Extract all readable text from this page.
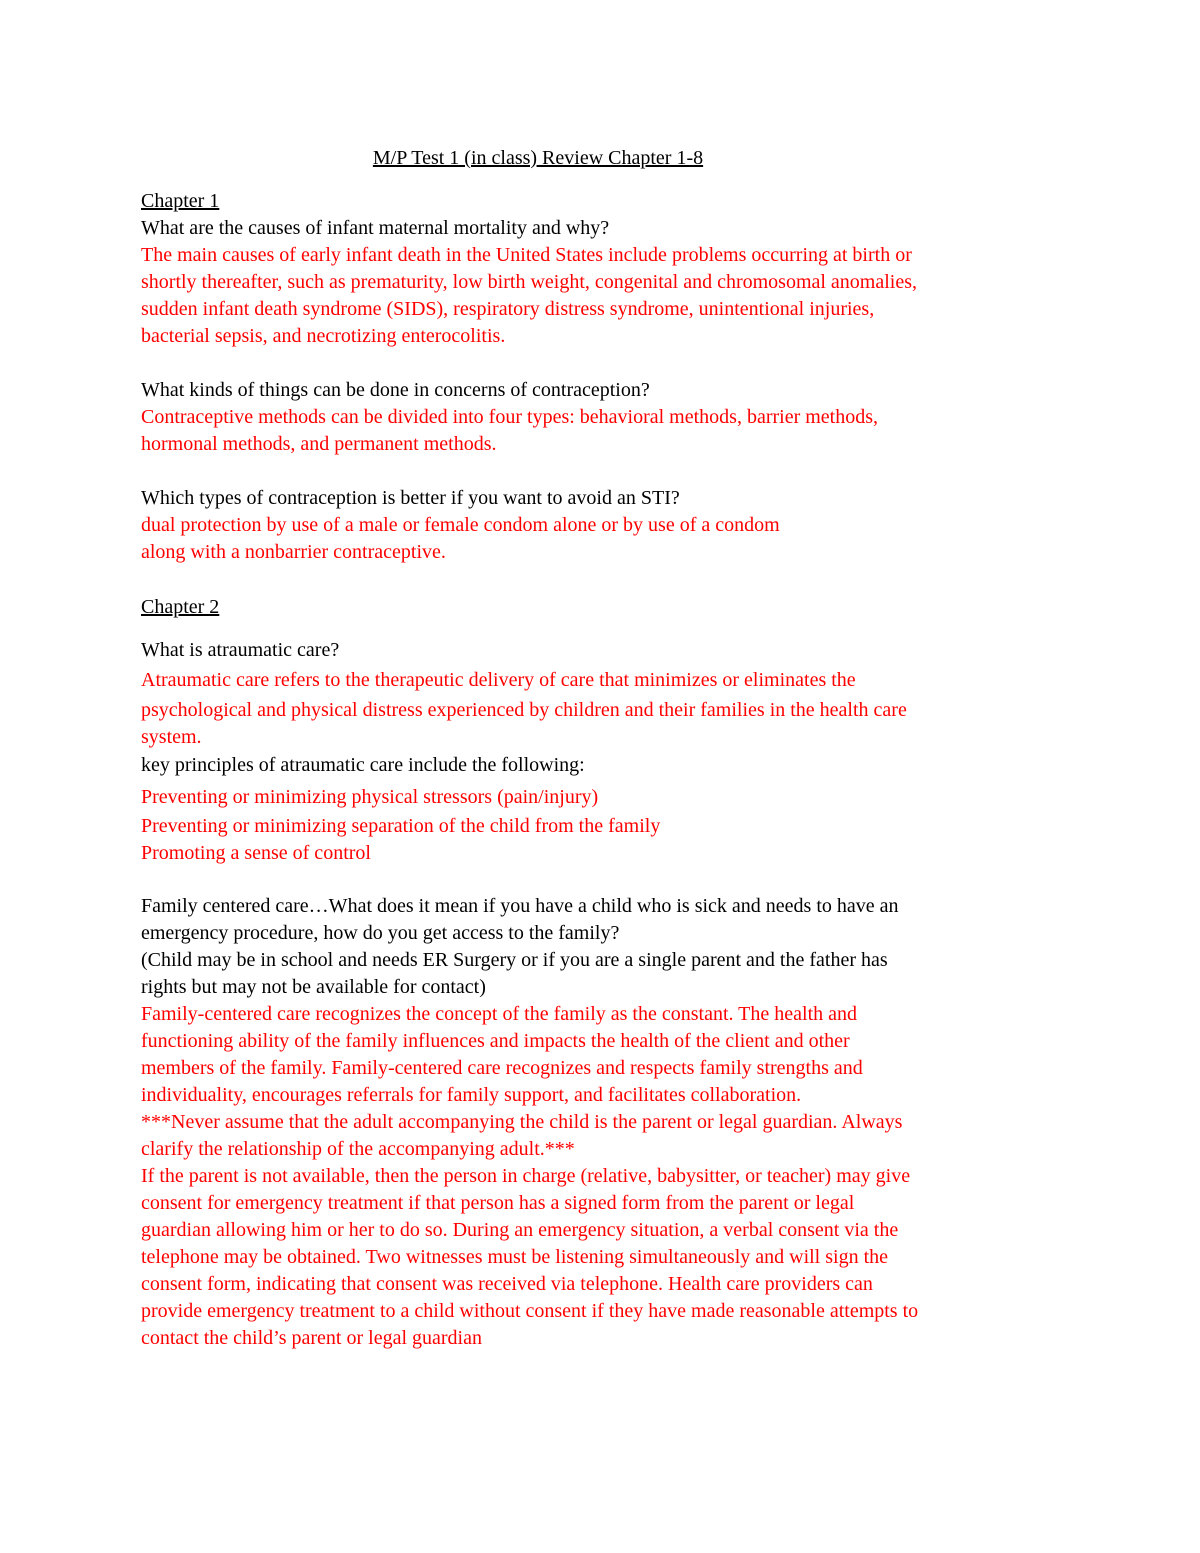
M/P Test 1 (in class) Review Chapter 1-8

Chapter 1

What are the causes of infant maternal mortality and why?

The main causes of early infant death in the United States include problems occurring at birth or

shortly thereafter, such as prematurity, low birth weight, congenital and chromosomal anomalies,

sudden infant death syndrome (SIDS), respiratory distress syndrome, unintentional injuries,

bacterial sepsis, and necrotizing enterocolitis.

What kinds of things can be done in concerns of contraception?

Contraceptive methods can be divided into four types: behavioral methods, barrier methods,

hormonal methods, and permanent methods.

Which types of contraception is better if you want to avoid an STI?

dual protection by use of a male or female condom alone or by use of a condom

along with a nonbarrier contraceptive.

Chapter 2

What is atraumatic care?

Atraumatic care refers to the therapeutic delivery of care that minimizes or eliminates the

psychological and physical distress experienced by children and their families in the health care

system.

key principles of atraumatic care include the following:

Preventing or minimizing physical stressors (pain/injury)

Preventing or minimizing separation of the child from the family

Promoting a sense of control

Family centered care…What does it mean if you have a child who is sick and needs to have an

emergency procedure, how do you get access to the family?

(Child may be in school and needs ER Surgery or if you are a single parent and the father has

rights but may not be available for contact)

Family-centered care recognizes the concept of the family as the constant. The health and

functioning ability of the family influences and impacts the health of the client and other

members of the family. Family-centered care recognizes and respects family strengths and

individuality, encourages referrals for family support, and facilitates collaboration.

***Never assume that the adult accompanying the child is the parent or legal guardian. Always

clarify the relationship of the accompanying adult.***

If the parent is not available, then the person in charge (relative, babysitter, or teacher) may give

consent for emergency treatment if that person has a signed form from the parent or legal

guardian allowing him or her to do so. During an emergency situation, a verbal consent via the

telephone may be obtained. Two witnesses must be listening simultaneously and will sign the

consent form, indicating that consent was received via telephone. Health care providers can

provide emergency treatment to a child without consent if they have made reasonable attempts to

contact the child’s parent or legal guardian
